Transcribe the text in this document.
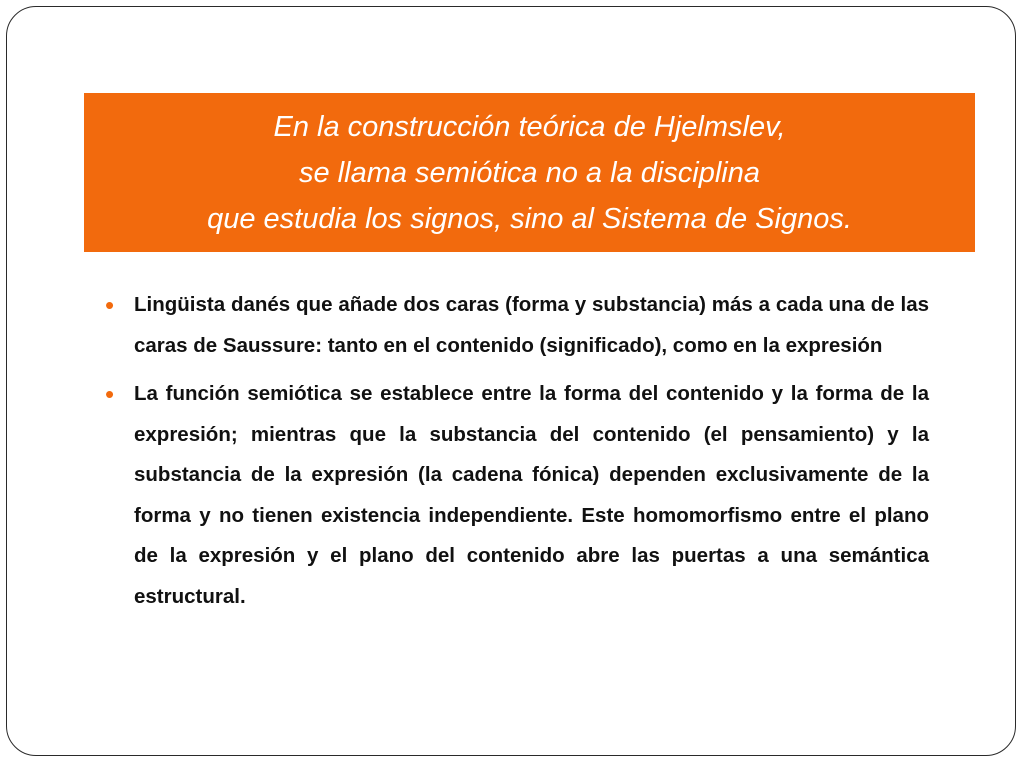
En la construcción teórica de Hjelmslev,
se llama semiótica no a la disciplina
que estudia los signos, sino al Sistema de Signos.
• Lingüista danés que añade dos caras (forma y substancia) más a cada una de las caras de Saussure: tanto en el contenido (significado), como en la expresión
• La función semiótica se establece entre la forma del contenido y la forma de la expresión; mientras que la substancia del contenido (el pensamiento) y la substancia de la expresión (la cadena fónica) dependen exclusivamente de la forma y no tienen existencia independiente. Este homomorfismo entre el plano de la expresión y el plano del contenido abre las puertas a una semántica estructural.
